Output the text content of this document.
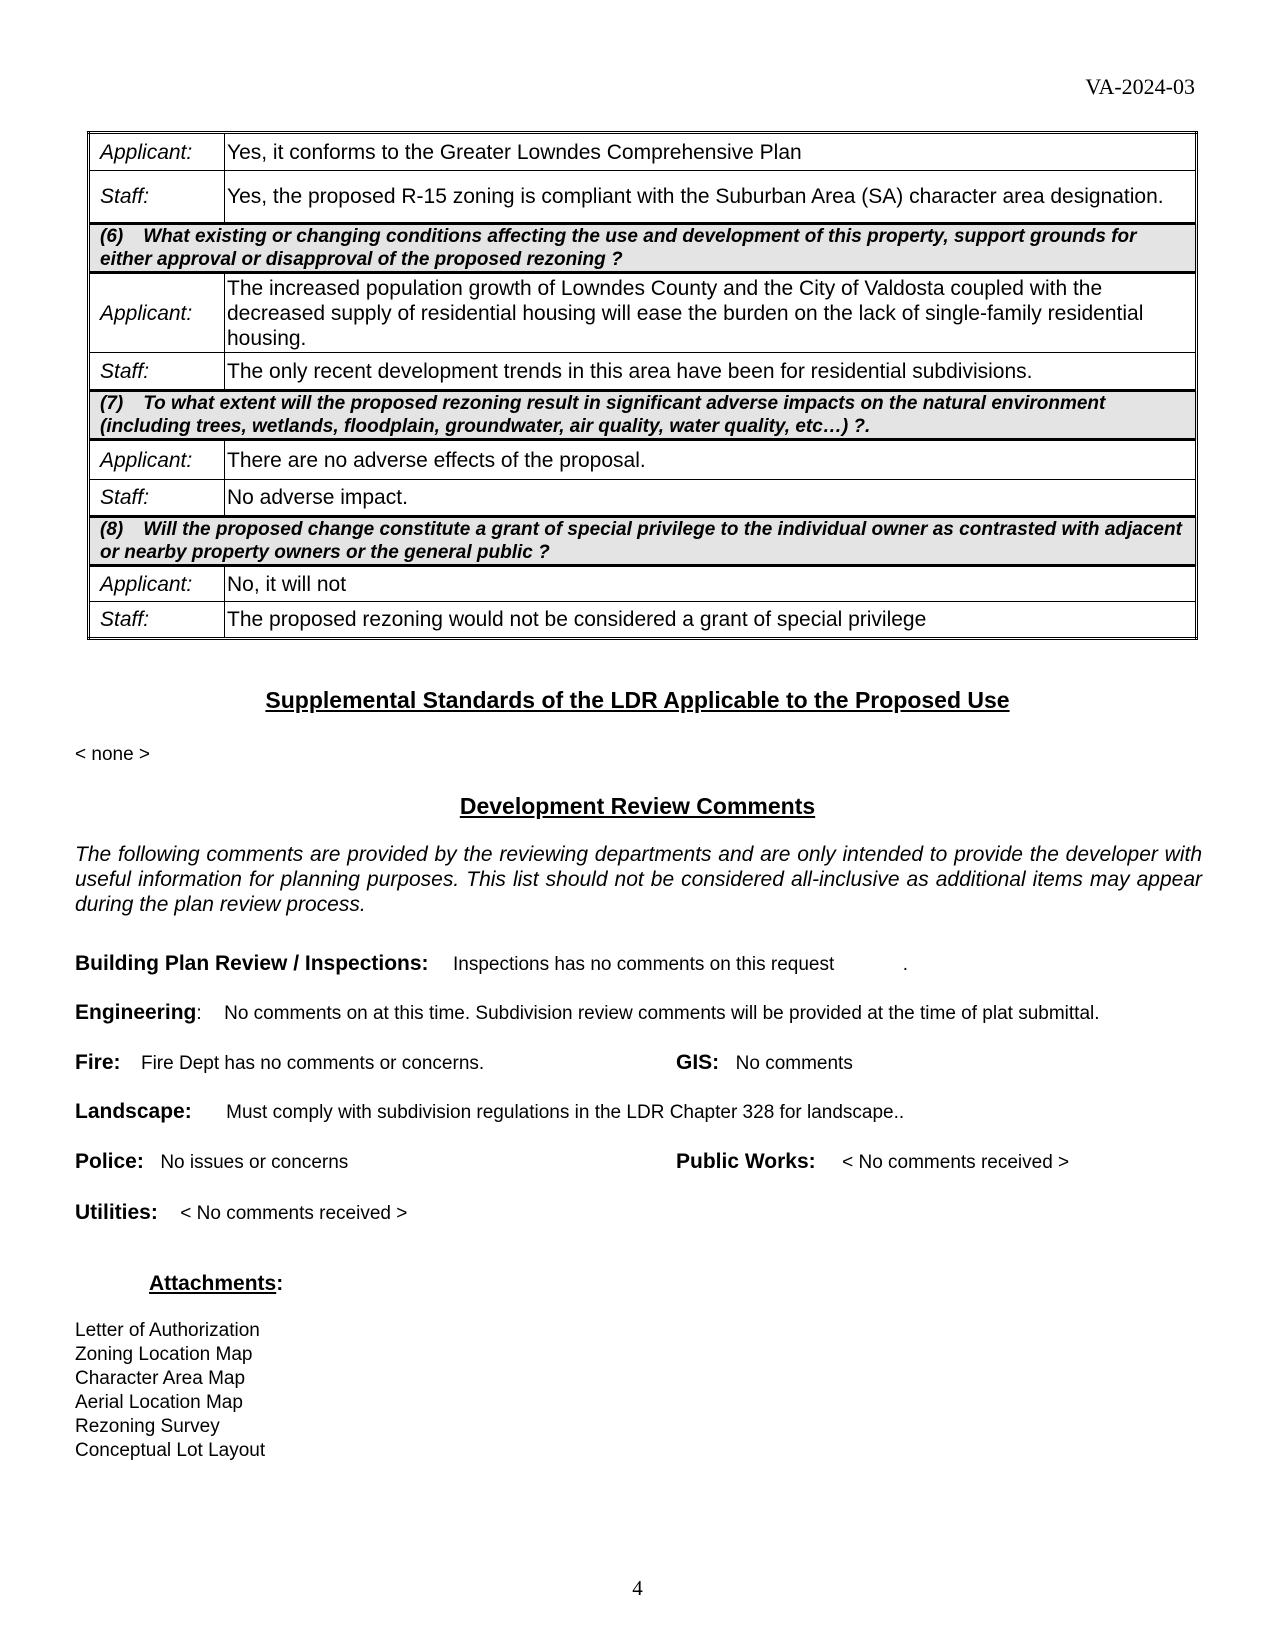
VA-2024-03
Applicant:	Yes, it conforms to the Greater Lowndes Comprehensive Plan
Staff:	Yes, the proposed R-15 zoning is compliant with the Suburban Area (SA) character area designation.
(6) What existing or changing conditions affecting the use and development of this property, support grounds for either approval or disapproval of the proposed rezoning ?	
Applicant:	The increased population growth of Lowndes County and the City of Valdosta coupled with the decreased supply of residential housing will ease the burden on the lack of single-family residential housing.
Staff:	The only recent development trends in this area have been for residential subdivisions.
(7) To what extent will the proposed rezoning result in significant adverse impacts on the natural environment (including trees, wetlands, floodplain, groundwater, air quality, water quality, etc…) ?.	
Applicant:	There are no adverse effects of the proposal.
Staff:	No adverse impact.
(8) Will the proposed change constitute a grant of special privilege to the individual owner as contrasted with adjacent or nearby property owners or the general public ?	
Applicant:	No, it will not
Staff:	The proposed rezoning would not be considered a grant of special privilege
Supplemental Standards of the LDR Applicable to the Proposed Use
< none >
Development Review Comments
The following comments are provided by the reviewing departments and are only intended to provide the developer with useful information for planning purposes. This list should not be considered all-inclusive as additional items may appear during the plan review process.
Building Plan Review / Inspections: Inspections has no comments on this request	.
Engineering: No comments on at this time. Subdivision review comments will be provided at the time of plat submittal.
Fire: Fire Dept has no comments or concerns.	GIS: No comments
Landscape: Must comply with subdivision regulations in the LDR Chapter 328 for landscape..
Police: No issues or concerns	Public Works: < No comments received >
Utilities: < No comments received >
Attachments:
Letter of Authorization
Zoning Location Map
Character Area Map
Aerial Location Map
Rezoning Survey
Conceptual Lot Layout
4
